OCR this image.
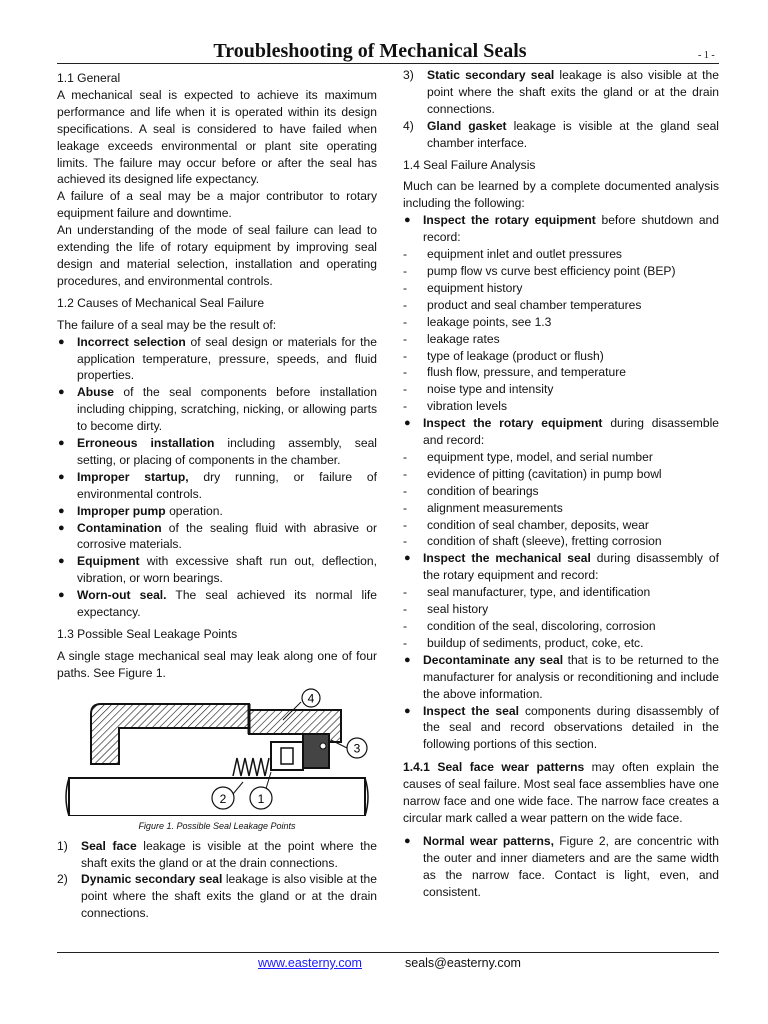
Troubleshooting of Mechanical Seals	- 1 -

1.1 General

A mechanical seal is expected to achieve its maximum performance and life when it is operated within its design specifications. A seal is considered to have failed when leakage exceeds environmental or plant site operating limits. The failure may occur before or after the seal has achieved its designed life expectancy.

A failure of a seal may be a major contributor to rotary equipment failure and downtime.

An understanding of the mode of seal failure can lead to extending the life of rotary equipment by improving seal design and material selection, installation and operating procedures, and environmental controls.

1.2 Causes of Mechanical Seal Failure

The failure of a seal may be the result of:

● Incorrect selection of seal design or materials for the application temperature, pressure, speeds, and fluid properties.
● Abuse of the seal components before installation including chipping, scratching, nicking, or allowing parts to become dirty.
● Erroneous installation including assembly, seal setting, or placing of components in the chamber.
● Improper startup, dry running, or failure of environmental controls.
● Improper pump operation.
● Contamination of the sealing fluid with abrasive or corrosive materials.
● Equipment with excessive shaft run out, deflection, vibration, or worn bearings.
● Worn-out seal. The seal achieved its normal life expectancy.

1.3 Possible Seal Leakage Points

A single stage mechanical seal may leak along one of four paths. See Figure 1.

4
3
2	1
Figure 1. Possible Seal Leakage Points
1) Seal face leakage is visible at the point where the shaft exits the gland or at the drain connections.
2) Dynamic secondary seal leakage is also visible at the point where the shaft exits the gland or at the drain connections.
3) Static secondary seal leakage is also visible at the point where the shaft exits the gland or at the drain connections.
4) Gland gasket leakage is visible at the gland seal chamber interface.

1.4 Seal Failure Analysis

Much can be learned by a complete documented analysis including the following:

● Inspect the rotary equipment before shutdown and record:
- equipment inlet and outlet pressures
- pump flow vs curve best efficiency point (BEP)
- equipment history
- product and seal chamber temperatures
- leakage points, see 1.3
- leakage rates
- type of leakage (product or flush)
- flush flow, pressure, and temperature
- noise type and intensity
- vibration levels
● Inspect the rotary equipment during disassemble and record:
- equipment type, model, and serial number
- evidence of pitting (cavitation) in pump bowl
- condition of bearings
- alignment measurements
- condition of seal chamber, deposits, wear
- condition of shaft (sleeve), fretting corrosion
● Inspect the mechanical seal during disassembly of the rotary equipment and record:
- seal manufacturer, type, and identification
- seal history
- condition of the seal, discoloring, corrosion
- buildup of sediments, product, coke, etc.
● Decontaminate any seal that is to be returned to the manufacturer for analysis or reconditioning and include the above information.
● Inspect the seal components during disassembly of the seal and record observations detailed in the following portions of this section.

1.4.1 Seal face wear patterns may often explain the causes of seal failure. Most seal face assemblies have one narrow face and one wide face. The narrow face creates a circular mark called a wear pattern on the wide face.

● Normal wear patterns, Figure 2, are concentric with the outer and inner diameters and are the same width as the narrow face. Contact is light, even, and consistent.
www.easterny.com	seals@easterny.com
